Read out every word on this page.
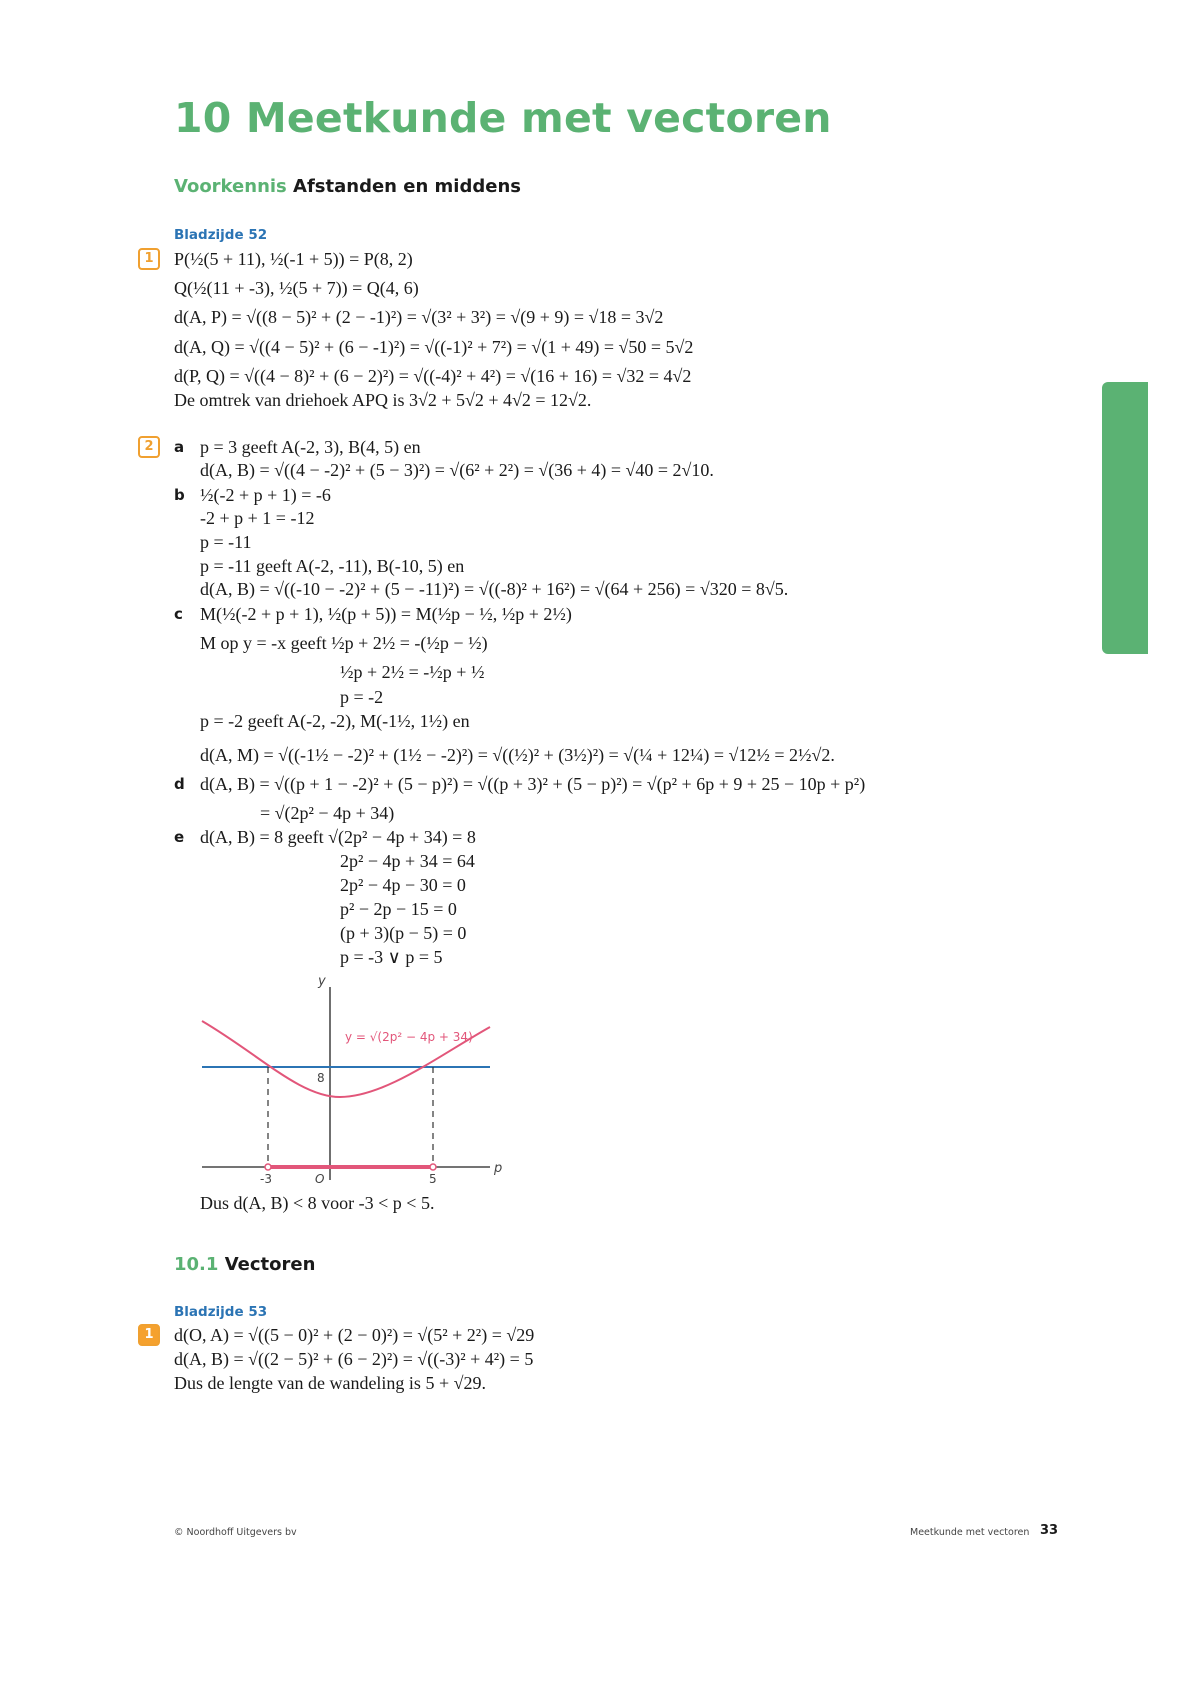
10 Meetkunde met vectoren
Voorkennis Afstanden en middens
Bladzijde 52
1	P(½(5 + 11), ½(-1 + 5)) = P(8, 2)
Q(½(11 + -3), ½(5 + 7)) = Q(4, 6)
d(A, P) = √((8 − 5)² + (2 − -1)²) = √(3² + 3²) = √(9 + 9) = √18 = 3√2
d(A, Q) = √((4 − 5)² + (6 − -1)²) = √((-1)² + 7²) = √(1 + 49) = √50 = 5√2
d(P, Q) = √((4 − 8)² + (6 − 2)²) = √((-4)² + 4²) = √(16 + 16) = √32 = 4√2
De omtrek van driehoek APQ is 3√2 + 5√2 + 4√2 = 12√2.
2	a p = 3 geeft A(-2, 3), B(4, 5) en
d(A, B) = √((4 − -2)² + (5 − 3)²) = √(6² + 2²) = √(36 + 4) = √40 = 2√10.
b ½(-2 + p + 1) = -6
-2 + p + 1 = -12
p = -11
p = -11 geeft A(-2, -11), B(-10, 5) en
d(A, B) = √((-10 − -2)² + (5 − -11)²) = √((-8)² + 16²) = √(64 + 256) = √320 = 8√5.
c M(½(-2 + p + 1), ½(p + 5)) = M(½p − ½, ½p + 2½)
M op y = -x geeft ½p + 2½ = -(½p − ½)
½p + 2½ = -½p + ½
p = -2
p = -2 geeft A(-2, -2), M(-1½, 1½) en
d(A, M) = √((-1½ − -2)² + (1½ − -2)²) = √((½)² + (3½)²) = √(¼ + 12¼) = √12½ = 2½√2.
d d(A, B) = √((p + 1 − -2)² + (5 − p)²) = √((p + 3)² + (5 − p)²) = √(p² + 6p + 9 + 25 − 10p + p²)
= √(2p² − 4p + 34)
e d(A, B) = 8 geeft √(2p² − 4p + 34) = 8
2p² − 4p + 34 = 64
2p² − 4p − 30 = 0
p² − 2p − 15 = 0
(p + 3)(p − 5) = 0
p = -3 ∨ p = 5
y
p
y = √(2p² − 4p + 34)
8
-3	O	5
Dus d(A, B) < 8 voor -3 < p < 5.
10.1 Vectoren
Bladzijde 53
1	d(O, A) = √((5 − 0)² + (2 − 0)²) = √(5² + 2²) = √29
d(A, B) = √((2 − 5)² + (6 − 2)²) = √((-3)² + 4²) = 5
Dus de lengte van de wandeling is 5 + √29.
© Noordhoff Uitgevers bv	Meetkunde met vectoren 33
